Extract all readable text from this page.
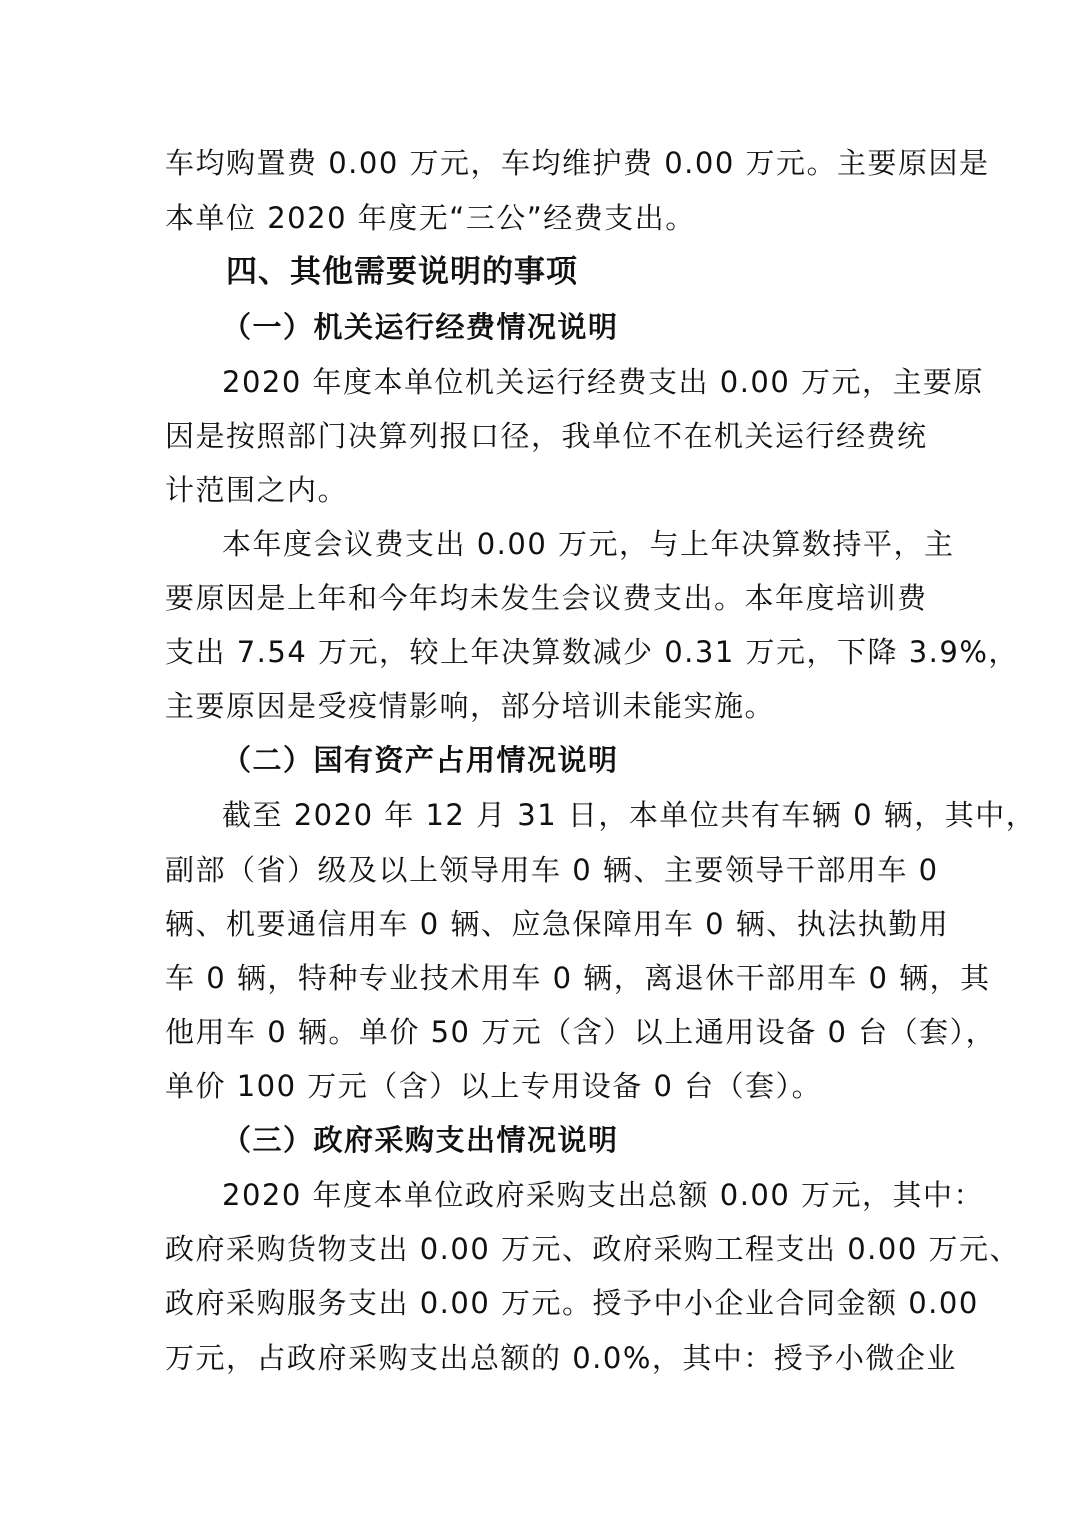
车均购置费 0.00 万元，车均维护费 0.00 万元。主要原因是
本单位 2020 年度无“三公”经费支出。
四、其他需要说明的事项
（一）机关运行经费情况说明
2020 年度本单位机关运行经费支出 0.00 万元，主要原
因是按照部门决算列报口径，我单位不在机关运行经费统
计范围之内。
本年度会议费支出 0.00 万元，与上年决算数持平，主
要原因是上年和今年均未发生会议费支出。本年度培训费
支出 7.54 万元，较上年决算数减少 0.31 万元，下降 3.9%，
主要原因是受疫情影响，部分培训未能实施。
（二）国有资产占用情况说明
截至 2020 年 12 月 31 日，本单位共有车辆 0 辆，其中，
副部（省）级及以上领导用车 0 辆、主要领导干部用车 0
辆、机要通信用车 0 辆、应急保障用车 0 辆、执法执勤用
车 0 辆，特种专业技术用车 0 辆，离退休干部用车 0 辆，其
他用车 0 辆。单价 50 万元（含）以上通用设备 0 台（套），
单价 100 万元（含）以上专用设备 0 台（套）。
（三）政府采购支出情况说明
2020 年度本单位政府采购支出总额 0.00 万元，其中：
政府采购货物支出 0.00 万元、政府采购工程支出 0.00 万元、
政府采购服务支出 0.00 万元。授予中小企业合同金额 0.00
万元，占政府采购支出总额的 0.0%，其中：授予小微企业
